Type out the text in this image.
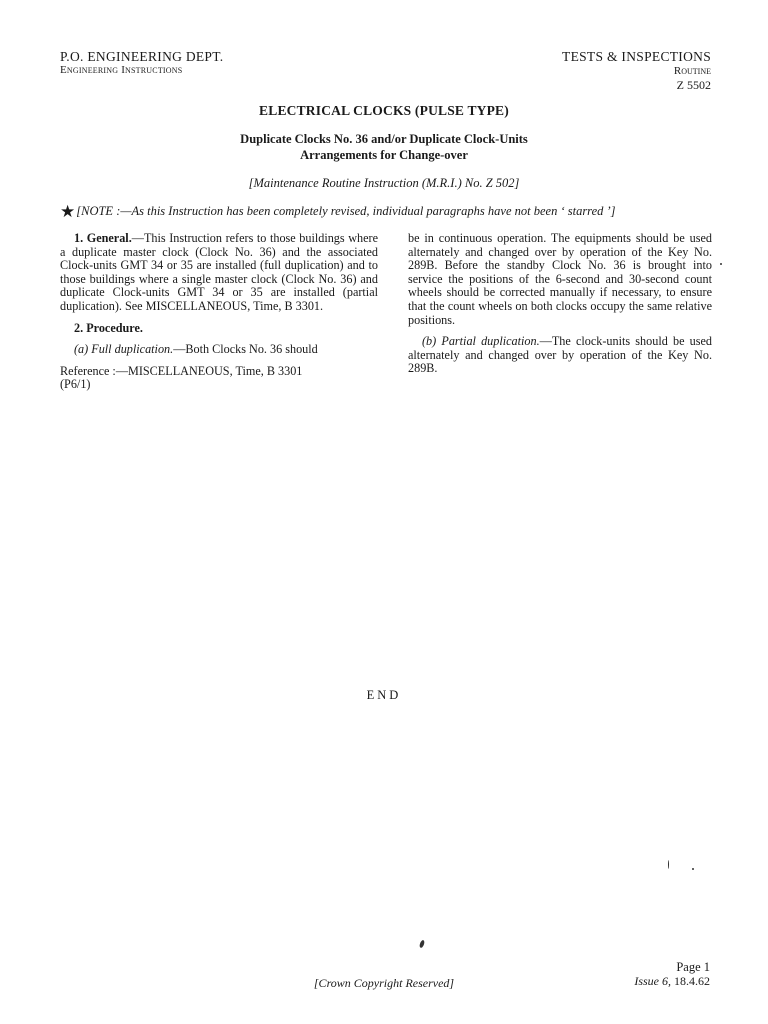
P.O. ENGINEERING DEPT.
Engineering Instructions
TESTS & INSPECTIONS
Routine
Z 5502
ELECTRICAL CLOCKS (PULSE TYPE)
Duplicate Clocks No. 36 and/or Duplicate Clock-Units
Arrangements for Change-over
[Maintenance Routine Instruction (M.R.I.) No. Z 502]
★[NOTE :—As this Instruction has been completely revised, individual paragraphs have not been ‘ starred ’]

1. General.—This Instruction refers to those buildings where a duplicate master clock (Clock No. 36) and the associated Clock-units GMT 34 or 35 are installed (full duplication) and to those buildings where a single master clock (Clock No. 36) and duplicate Clock-units GMT 34 or 35 are installed (partial duplication). See MISCELLANEOUS, Time, B 3301.

2. Procedure.

(a) Full duplication.—Both Clocks No. 36 should

Reference :—MISCELLANEOUS, Time, B 3301

(P6/1)

be in continuous operation. The equipments should be used alternately and changed over by operation of the Key No. 289B. Before the standby Clock No. 36 is brought into service the positions of the 6-second and 30-second count wheels should be corrected manually if necessary, to ensure that the count wheels on both clocks occupy the same relative positions.

(b) Partial duplication.—The clock-units should be used alternately and changed over by operation of the Key No. 289B.

END
[Crown Copyright Reserved]
Page 1
Issue 6, 18.4.62
